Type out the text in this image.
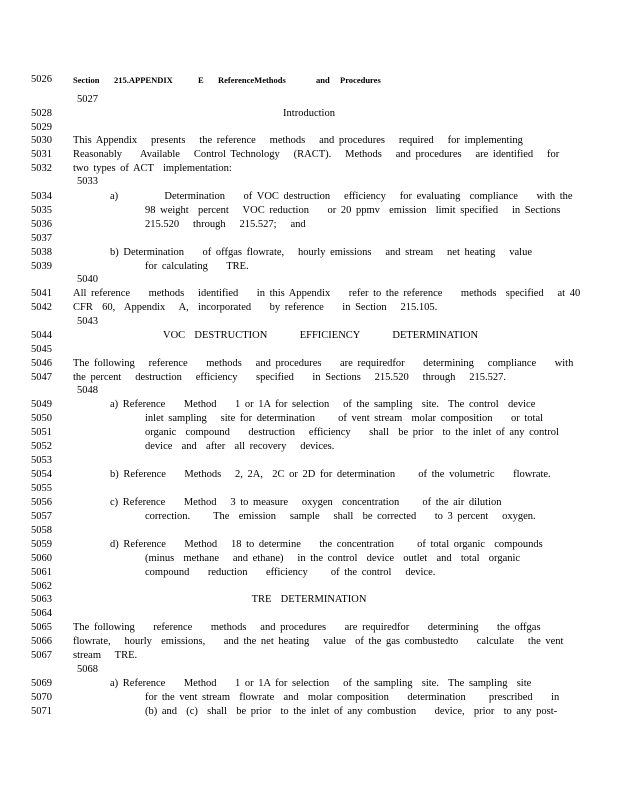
5026 Section 215.APPENDIX	E ReferenceMethods	and Procedures
5027
5028	Introduction
5029
5030 This Appendix   presents   the reference   methods   and procedures   required   for implementing
5031 Reasonably    Available   Control Technology   (RACT).   Methods   and procedures   are identified   for
5032 two types of ACT  implementation:
5033
5034	a)          Determination    of VOC destruction   efficiency   for evaluating  compliance    with the
5035	98 weight  percent   VOC reduction    or 20 ppmv  emission  limit specified   in Sections
5036	215.520   through   215.527;   and
5037
5038	b) Determination    of offgas flowrate,   hourly emissions   and stream   net heating   value
5039	for calculating    TRE.
5040
5041 All reference    methods   identified    in this Appendix    refer to the reference    methods  specified   at 40
5042 CFR  60,  Appendix   A,  incorporated    by reference    in Section   215.105.
5043
5044	VOC  DESTRUCTION       EFFICIENCY       DETERMINATION
5045
5046 The following   reference    methods   and procedures    are requiredfor    determining   compliance    with
5047 the percent   destruction   efficiency    specified    in Sections   215.520   through   215.527.
5048
5049	a) Reference    Method    1 or 1A for selection   of the sampling  site.  The control  device
5050	inlet sampling   site for determination     of vent stream  molar composition    or total
5051	organic  compound    destruction   efficiency    shall  be prior  to the inlet of any control
5052	device  and  after  all recovery   devices.
5053
5054	b) Reference    Methods   2, 2A,  2C or 2D for determination     of the volumetric    flowrate.
5055
5056	c) Reference    Method   3 to measure   oxygen  concentration     of the air dilution
5057	correction.     The  emission   sample   shall  be corrected    to 3 percent   oxygen.
5058
5059	d) Reference    Method   18 to determine    the concentration     of total organic  compounds
5060	(minus  methane   and ethane)   in the control  device  outlet  and  total  organic
5061	compound    reduction    efficiency     of the control   device.
5062
5063	TRE  DETERMINATION
5064
5065 The following    reference    methods   and procedures    are requiredfor    determining    the offgas
5066 flowrate,   hourly  emissions,    and the net heating   value  of the gas combustedto    calculate   the vent
5067 stream   TRE.
5068
5069	a) Reference    Method    1 or 1A for selection   of the sampling  site.  The sampling  site
5070	for the vent stream  flowrate  and  molar composition    determination     prescribed    in
5071	(b) and  (c)  shall  be prior  to the inlet of any combustion    device,  prior  to any post-
